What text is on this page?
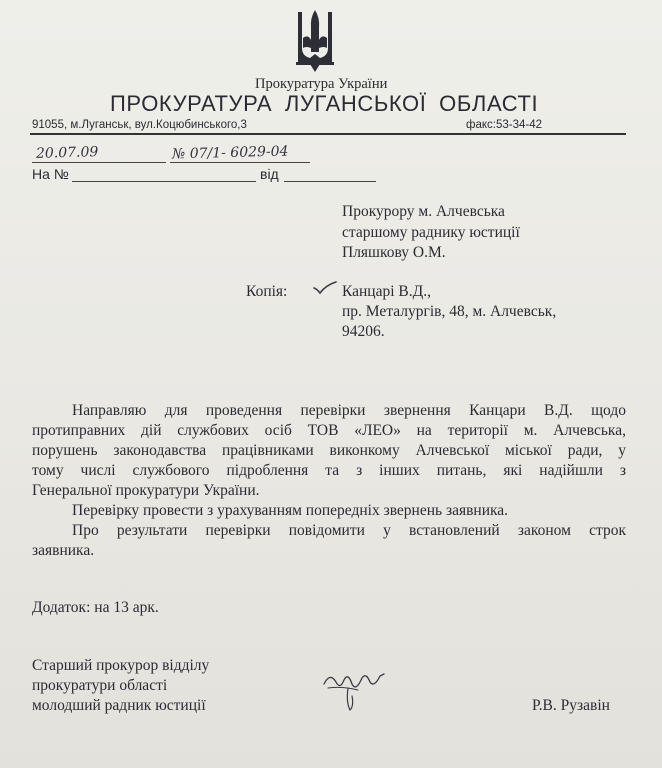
Прокуратура України
ПРОКУРАТУРА ЛУГАНСЬКОЇ ОБЛАСТІ
91055, м.Луганськ, вул.Коцюбинського,3	факс:53-34-42
20.07.09	№ 07/1- 6029-04
На №	від
Прокурору м. Алчевська
старшому раднику юстиції
Пляшкову О.М.
Копія:	Канцарі В.Д.,
пр. Металургів, 48, м. Алчевськ,
94206.
Направляю для проведення перевірки звернення Канцари В.Д. щодо
протиправних дій службових осіб ТОВ «ЛЕО» на території м. Алчевська,
порушень законодавства працівниками виконкому Алчевської міської ради, у
тому числі службового підроблення та з інших питань, які надійшли з
Генеральної прокуратури України.
Перевірку провести з урахуванням попередніх звернень заявника.
Про результати перевірки повідомити у встановлений законом строк
заявника.
Додаток: на 13 арк.
Старший прокурор відділу
прокуратури області
молодший радник юстиції	Р.В. Рузавін
